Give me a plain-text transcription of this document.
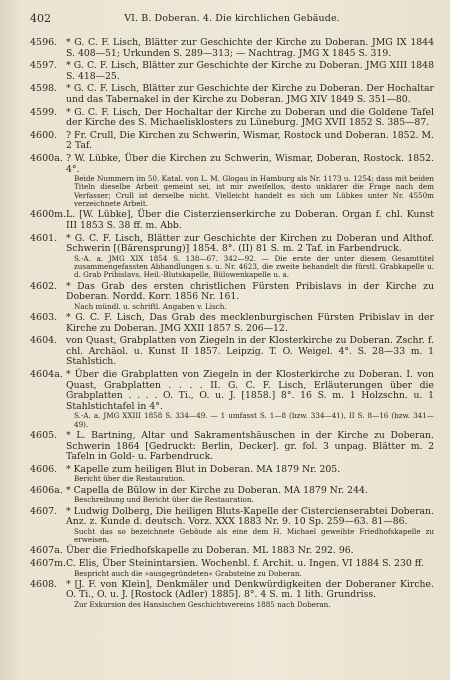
402	VI. B. Doberan. 4. Die kirchlichen Gebäude.
4596. * G. C. F. Lisch, Blätter zur Geschichte der Kirche zu Doberan. JMG IX 1844 S. 408—51; Urkunden S. 289—313; — Nachtrag. JMG X 1845 S. 319.
4597. * G. C. F. Lisch, Blätter zur Geschichte der Kirche zu Doberan. JMG XIII 1848 S. 418—25.
4598. * G. C. F. Lisch, Blätter zur Geschichte der Kirche zu Doberan. Der Hochaltar und das Tabernakel in der Kirche zu Doberan. JMG XIV 1849 S. 351—80.
4599. * G. C. F. Lisch, Der Hochaltar der Kirche zu Doberan und die Goldene Tafel der Kirche des S. Michaelisklosters zu Lüneburg. JMG XVII 1852 S. 385—87.
4600. ? Fr. Crull, Die Kirchen zu Schwerin, Wismar, Rostock und Doberan. 1852. M. 2 Taf.
4600a. ? W. Lübke, Über die Kirchen zu Schwerin, Wismar, Doberan, Rostock. 1852. 4°.
Beide Nummern im 50. Katal. von L. M. Glogau in Hamburg als Nr. 1173 u. 1254; dass mit beiden Titeln dieselbe Arbeit gemeint sei, ist mir zweifellos, desto unklarer die Frage nach dem Verfasser; Crull ist derselbe nicht. Vielleicht handelt es sich um Lübkes unter Nr. 4550m verzeichnete Arbeit.
4600m. L. [W. Lübke], Über die Cisterzienserkirche zu Doberan. Organ f. chl. Kunst III 1853 S. 38 ff. m. Abb.
4601. * G. C. F. Lisch, Blätter zur Geschichte der Kirchen zu Doberan und Althof. Schwerin [(Bärensprung)] 1854. 8°. (II) 81 S. m. 2 Taf. in Farbendruck.
S.-A. a. JMG XIX 1854 S. 138—67. 342—92. — Die erste der unter diesem Gesamttitel zusammengefassten Abhandlungen s. u. Nr. 4623, die zweite behandelt die fürstl. Grabkapelle u. d. Grab Pribislavs, Heil.-Blutskapelle, Bülowenkapelle u. a.
4602. * Das Grab des ersten christlichen Fürsten Pribislavs in der Kirche zu Doberan. Nordd. Korr. 1856 Nr. 161.
Nach mündl. u. schriftl. Angaben v. Lisch.
4603. * G. C. F. Lisch, Das Grab des mecklenburgischen Fürsten Pribislav in der Kirche zu Doberan. JMG XXII 1857 S. 206—12.
4604. von Quast, Grabplatten von Ziegeln in der Klosterkirche zu Doberan. Zschr. f. chl. Archäol. u. Kunst II 1857. Leipzig. T. O. Weigel. 4°. S. 28—33 m. 1 Stahlstich.
4604a. * Über die Grabplatten von Ziegeln in der Klosterkirche zu Doberan. I. von Quast, Grabplatten . . . . II. G. C. F. Lisch, Erläuterungen über die Grabplatten . . . . O. Ti., O. u. J. [1858.] 8°. 16 S. m. 1 Holzschn. u. 1 Stahlstichtafel in 4°.
S.-A. a. JMG XXIII 1858 S. 334—49. — 1 umfasst S. 1—8 (bzw. 334—41), II S. 8—16 (bzw. 341—49).
4605. * L. Bartning, Altar und Sakramentshäuschen in der Kirche zu Doberan. Schwerin 1864 [Gedruckt: Berlin, Decker]. gr. fol. 3 unpag. Blätter m. 2 Tafeln in Gold- u. Farbendruck.
4606. * Kapelle zum heiligen Blut in Doberan. MA 1879 Nr. 205.
Bericht über die Restauration.
4606a. * Capella de Bülow in der Kirche zu Doberan. MA 1879 Nr. 244.
Beschreibung und Bericht über die Restauration.
4607. * Ludwig Dolberg, Die heiligen Bluts-Kapelle der Cistercienserabtei Doberan. Anz. z. Kunde d. deutsch. Vorz. XXX 1883 Nr. 9. 10 Sp. 259—63. 81—86.
Sucht das so bezeichnete Gebäude als eine dem H. Michael geweihte Friedhofskapelle zu erweisen.
4607a. Über die Friedhofskapelle zu Doberan. ML 1883 Nr. 292. 96.
4607m. C. Elis, Über Steinintarsien. Wochenbl. f. Archit. u. Ingen. VI 1884 S. 230 ff.
Bespricht auch die »ausgegründeten« Grabsteine zu Doberan.
4608. * [J. F. von Klein], Denkmäler und Denkwürdigkeiten der Doberaner Kirche. O. Ti., O. u. J. [Rostock (Adler) 1885]. 8°. 4 S. m. 1 lith. Grundriss.
Zur Exkursion des Hansischen Geschichtsvereins 1885 nach Doberan.
